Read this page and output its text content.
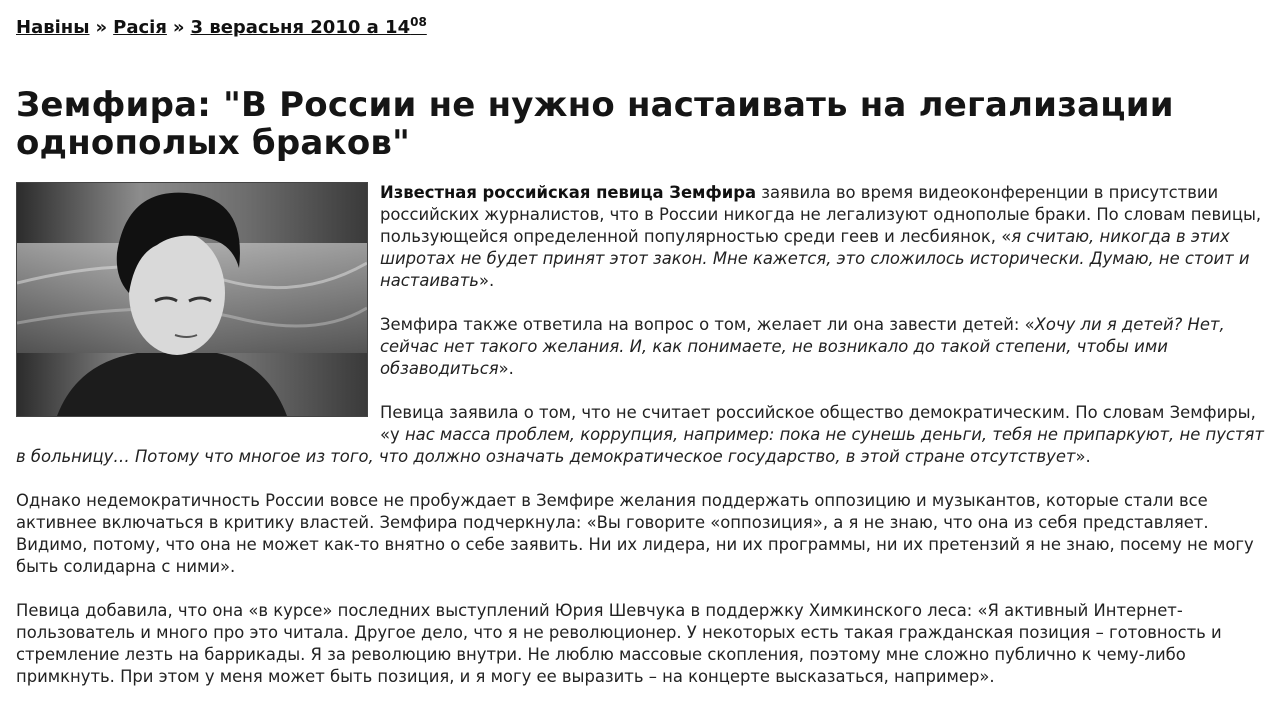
Навіны » Расія » 3 верасьня 2010 а 14$^{08}$
Земфира: "В России не нужно настаивать на легализации однополых браков"

Известная российская певица Земфира заявила во время видеоконференции в присутствии российских журналистов, что в России никогда не легализуют однополые браки. По словам певицы, пользующейся определенной популярностью среди геев и лесбиянок, «я считаю, никогда в этих широтах не будет принят этот закон. Мне кажется, это сложилось исторически. Думаю, не стоит и настаивать».

Земфира также ответила на вопрос о том, желает ли она завести детей: «Хочу ли я детей? Нет, сейчас нет такого желания. И, как понимаете, не возникало до такой степени, чтобы ими обзаводиться».

Певица заявила о том, что не считает российское общество демократическим. По словам Земфиры, «у нас масса проблем, коррупция, например: пока не сунешь деньги, тебя не припаркуют, не пустят в больницу… Потому что многое из того, что должно означать демократическое государство, в этой стране отсутствует».

Однако недемократичность России вовсе не пробуждает в Земфире желания поддержать оппозицию и музыкантов, которые стали все активнее включаться в критику властей. Земфира подчеркнула: «Вы говорите «оппозиция», а я не знаю, что она из себя представляет. Видимо, потому, что она не может как-то внятно о себе заявить. Ни их лидера, ни их программы, ни их претензий я не знаю, посему не могу быть солидарна с ними».

Певица добавила, что она «в курсе» последних выступлений Юрия Шевчука в поддержку Химкинского леса: «Я активный Интернет-пользователь и много про это читала. Другое дело, что я не революционер. У некоторых есть такая гражданская позиция – готовность и стремление лезть на баррикады. Я за революцию внутри. Не люблю массовые скопления, поэтому мне сложно публично к чему-либо примкнуть. При этом у меня может быть позиция, и я могу ее выразить – на концерте высказаться, например».
